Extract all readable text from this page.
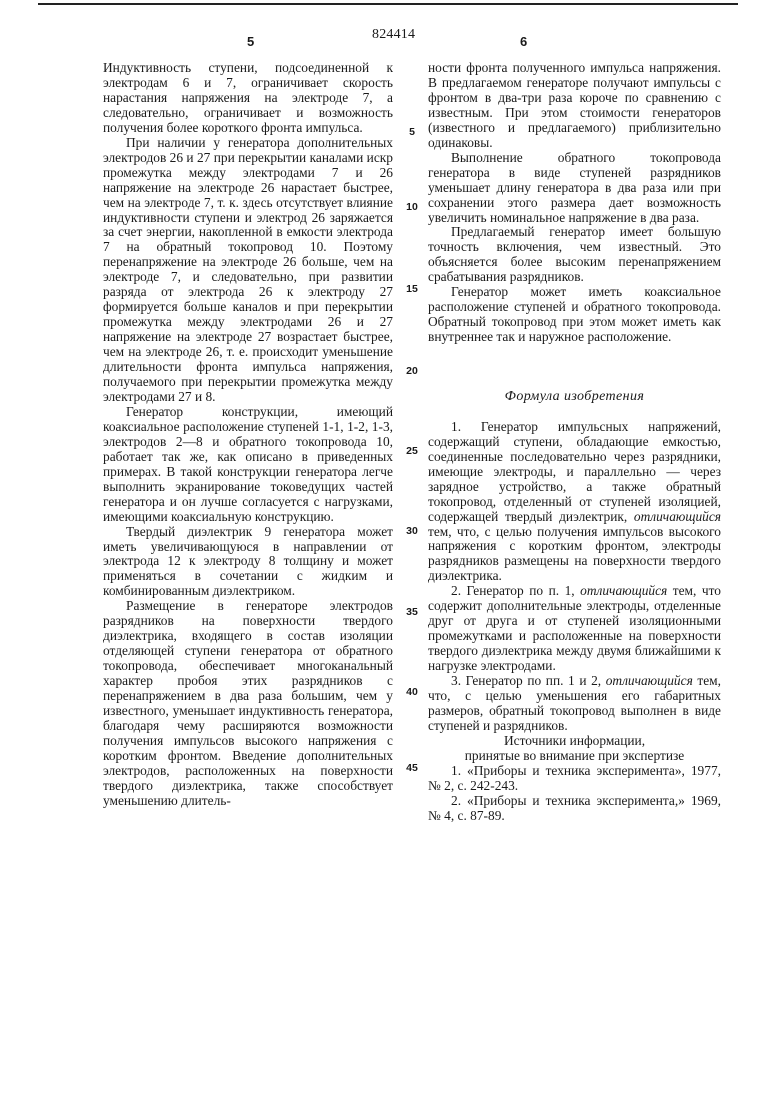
5	824414	6

Индуктивность ступени, подсоединенной к электродам 6 и 7, ограничивает скорость нарастания напряжения на электроде 7, а следовательно, ограничивает и возможность получения более короткого фронта импульса.

При наличии у генератора дополнительных электродов 26 и 27 при перекрытии каналами искр промежутка между электродами 7 и 26 напряжение на электроде 26 нарастает быстрее, чем на электроде 7, т. к. здесь отсутствует влияние индуктивности ступени и электрод 26 заряжается за счет энергии, накопленной в емкости электрода 7 на обратный токопровод 10. Поэтому перенапряжение на электроде 26 больше, чем на электроде 7, и следовательно, при развитии разряда от электрода 26 к электроду 27 формируется больше каналов и при перекрытии промежутка между электродами 26 и 27 напряжение на электроде 27 возрастает быстрее, чем на электроде 26, т. е. происходит уменьшение длительности фронта импульса напряжения, получаемого при перекрытии промежутка между электродами 27 и 8.

Генератор конструкции, имеющий коаксиальное расположение ступеней 1-1, 1-2, 1-3, электродов 2—8 и обратного токопровода 10, работает так же, как описано в приведенных примерах. В такой конструкции генератора легче выполнить экранирование токоведущих частей генератора и он лучше согласуется с нагрузками, имеющими коаксиальную конструкцию.

Твердый диэлектрик 9 генератора может иметь увеличивающуюся в направлении от электрода 12 к электроду 8 толщину и может применяться в сочетании с жидким и комбинированным диэлектриком.

Размещение в генераторе электродов разрядников на поверхности твердого диэлектрика, входящего в состав изоляции отделяющей ступени генератора от обратного токопровода, обеспечивает многоканальный характер пробоя этих разрядников с перенапряжением в два раза большим, чем у известного, уменьшает индуктивность генератора, благодаря чему расширяются возможности получения импульсов высокого напряжения с коротким фронтом. Введение дополнительных электродов, расположенных на поверхности твердого диэлектрика, также способствует уменьшению длитель-

5
10
15
20
25
30
35
40
45

ности фронта полученного импульса напряжения. В предлагаемом генераторе получают импульсы с фронтом в два-три раза короче по сравнению с известным. При этом стоимости генераторов (известного и предлагаемого) приблизительно одинаковы.

Выполнение обратного токопровода генератора в виде ступеней разрядников уменьшает длину генератора в два раза или при сохранении этого размера дает возможность увеличить номинальное напряжение в два раза.

Предлагаемый генератор имеет большую точность включения, чем известный. Это объясняется более высоким перенапряжением срабатывания разрядников.

Генератор может иметь коаксиальное расположение ступеней и обратного токопровода. Обратный токопровод при этом может иметь как внутреннее так и наружное расположение.

Формула изобретения

1. Генератор импульсных напряжений, содержащий ступени, обладающие емкостью, соединенные последовательно через разрядники, имеющие электроды, и параллельно — через зарядное устройство, а также обратный токопровод, отделенный от ступеней изоляцией, содержащей твердый диэлектрик, отличающийся тем, что, с целью получения импульсов высокого напряжения с коротким фронтом, электроды разрядников размещены на поверхности твердого диэлектрика.

2. Генератор по п. 1, отличающийся тем, что содержит дополнительные электроды, отделенные друг от друга и от ступеней изоляционными промежутками и расположенные на поверхности твердого диэлектрика между двумя ближайшими к нагрузке электродами.

3. Генератор по пп. 1 и 2, отличающийся тем, что, с целью уменьшения его габаритных размеров, обратный токопровод выполнен в виде ступеней и разрядников.

Источники информации,

принятые во внимание при экспертизе

1. «Приборы и техника эксперимента», 1977, № 2, с. 242-243.

2. «Приборы и техника эксперимента,» 1969, № 4, с. 87-89.
